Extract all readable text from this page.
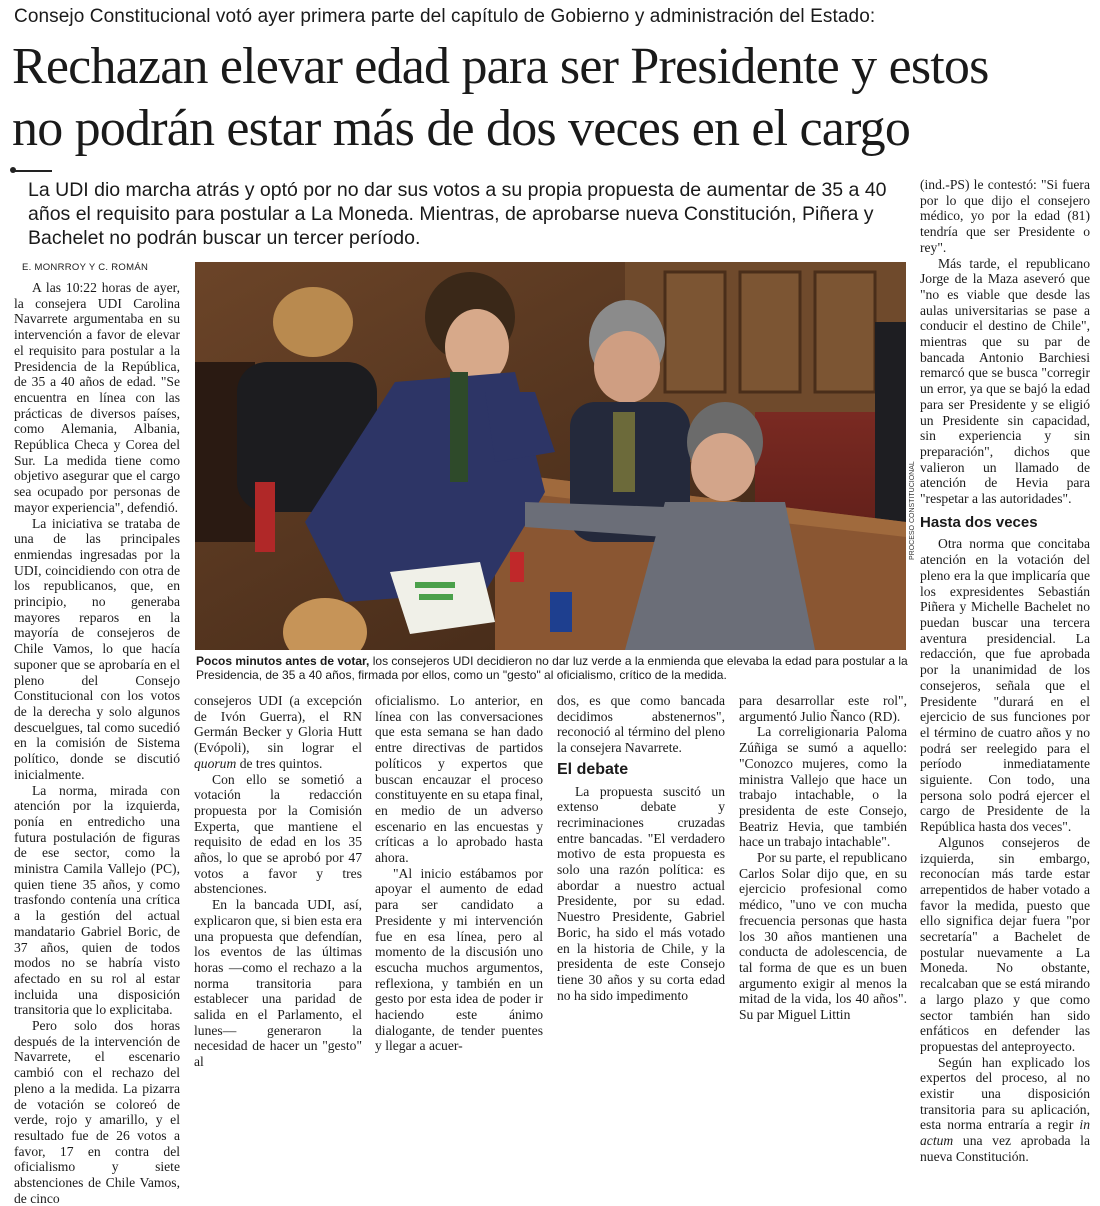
Consejo Constitucional votó ayer primera parte del capítulo de Gobierno y administración del Estado:
Rechazan elevar edad para ser Presidente y estos
no podrán estar más de dos veces en el cargo
La UDI dio marcha atrás y optó por no dar sus votos a su propia propuesta de aumentar de 35 a 40 años el requisito para postular a La Moneda. Mientras, de aprobarse nueva Constitución, Piñera y Bachelet no podrán buscar un tercer período.
E. MONRROY Y C. ROMÁN
PROCESO CONSTITUCIONAL
Pocos minutos antes de votar, los consejeros UDI decidieron no dar luz verde a la enmienda que elevaba la edad para postular a la Presidencia, de 35 a 40 años, firmada por ellos, como un "gesto" al oficialismo, crítico de la medida.

A las 10:22 horas de ayer, la consejera UDI Carolina Navarrete argumentaba en su intervención a favor de elevar el requisito para postular a la Presidencia de la República, de 35 a 40 años de edad. "Se encuentra en línea con las prácticas de diversos países, como Alemania, Albania, República Checa y Corea del Sur. La medida tiene como objetivo asegurar que el cargo sea ocupado por personas de mayor experiencia", defendió.

La iniciativa se trataba de una de las principales enmiendas ingresadas por la UDI, coincidiendo con otra de los republicanos, que, en principio, no generaba mayores reparos en la mayoría de consejeros de Chile Vamos, lo que hacía suponer que se aprobaría en el pleno del Consejo Constitucional con los votos de la derecha y solo algunos descuelgues, tal como sucedió en la comisión de Sistema político, donde se discutió inicialmente.

La norma, mirada con atención por la izquierda, ponía en entredicho una futura postulación de figuras de ese sector, como la ministra Camila Vallejo (PC), quien tiene 35 años, y como trasfondo contenía una crítica a la gestión del actual mandatario Gabriel Boric, de 37 años, quien de todos modos no se habría visto afectado en su rol al estar incluida una disposición transitoria que lo explicitaba.

Pero solo dos horas después de la intervención de Navarrete, el escenario cambió con el rechazo del pleno a la medida. La pizarra de votación se coloreó de verde, rojo y amarillo, y el resultado fue de 26 votos a favor, 17 en contra del oficialismo y siete abstenciones de Chile Vamos, de cinco

consejeros UDI (a excepción de Ivón Guerra), el RN Germán Becker y Gloria Hutt (Evópoli), sin lograr el quorum de tres quintos.

Con ello se sometió a votación la redacción propuesta por la Comisión Experta, que mantiene el requisito de edad en los 35 años, lo que se aprobó por 47 votos a favor y tres abstenciones.

En la bancada UDI, así, explicaron que, si bien esta era una propuesta que defendían, los eventos de las últimas horas —como el rechazo a la norma transitoria para establecer una paridad de salida en el Parlamento, el lunes— generaron la necesidad de hacer un "gesto" al

oficialismo. Lo anterior, en línea con las conversaciones que esta semana se han dado entre directivas de partidos políticos y expertos que buscan encauzar el proceso constituyente en su etapa final, en medio de un adverso escenario en las encuestas y críticas a lo aprobado hasta ahora.

"Al inicio estábamos por apoyar el aumento de edad para ser candidato a Presidente y mi intervención fue en esa línea, pero al momento de la discusión uno escucha muchos argumentos, reflexiona, y también en un gesto por esta idea de poder ir haciendo este ánimo dialogante, de tender puentes y llegar a acuer-

dos, es que como bancada decidimos abstenernos", reconoció al término del pleno la consejera Navarrete.

El debate

La propuesta suscitó un extenso debate y recriminaciones cruzadas entre bancadas. "El verdadero motivo de esta propuesta es solo una razón política: es abordar a nuestro actual Presidente, por su edad. Nuestro Presidente, Gabriel Boric, ha sido el más votado en la historia de Chile, y la presidenta de este Consejo tiene 30 años y su corta edad no ha sido impedimento

para desarrollar este rol", argumentó Julio Ñanco (RD).

La correligionaria Paloma Zúñiga se sumó a aquello: "Conozco mujeres, como la ministra Vallejo que hace un trabajo intachable, o la presidenta de este Consejo, Beatriz Hevia, que también hace un trabajo intachable".

Por su parte, el republicano Carlos Solar dijo que, en su ejercicio profesional como médico, "uno ve con mucha frecuencia personas que hasta los 30 años mantienen una conducta de adolescencia, de tal forma de que es un buen argumento exigir al menos la mitad de la vida, los 40 años". Su par Miguel Littin

(ind.-PS) le contestó: "Si fuera por lo que dijo el consejero médico, yo por la edad (81) tendría que ser Presidente o rey".

Más tarde, el republicano Jorge de la Maza aseveró que "no es viable que desde las aulas universitarias se pase a conducir el destino de Chile", mientras que su par de bancada Antonio Barchiesi remarcó que se busca "corregir un error, ya que se bajó la edad para ser Presidente y se eligió un Presidente sin capacidad, sin experiencia y sin preparación", dichos que valieron un llamado de atención de Hevia para "respetar a las autoridades".

Hasta dos veces

Otra norma que concitaba atención en la votación del pleno era la que implicaría que los expresidentes Sebastián Piñera y Michelle Bachelet no puedan buscar una tercera aventura presidencial. La redacción, que fue aprobada por la unanimidad de los consejeros, señala que el Presidente "durará en el ejercicio de sus funciones por el término de cuatro años y no podrá ser reelegido para el período inmediatamente siguiente. Con todo, una persona solo podrá ejercer el cargo de Presidente de la República hasta dos veces".

Algunos consejeros de izquierda, sin embargo, reconocían más tarde estar arrepentidos de haber votado a favor la medida, puesto que ello significa dejar fuera "por secretaría" a Bachelet de postular nuevamente a La Moneda. No obstante, recalcaban que se está mirando a largo plazo y que como sector también han sido enfáticos en defender las propuestas del anteproyecto.

Según han explicado los expertos del proceso, al no existir una disposición transitoria para su aplicación, esta norma entraría a regir in actum una vez aprobada la nueva Constitución.
